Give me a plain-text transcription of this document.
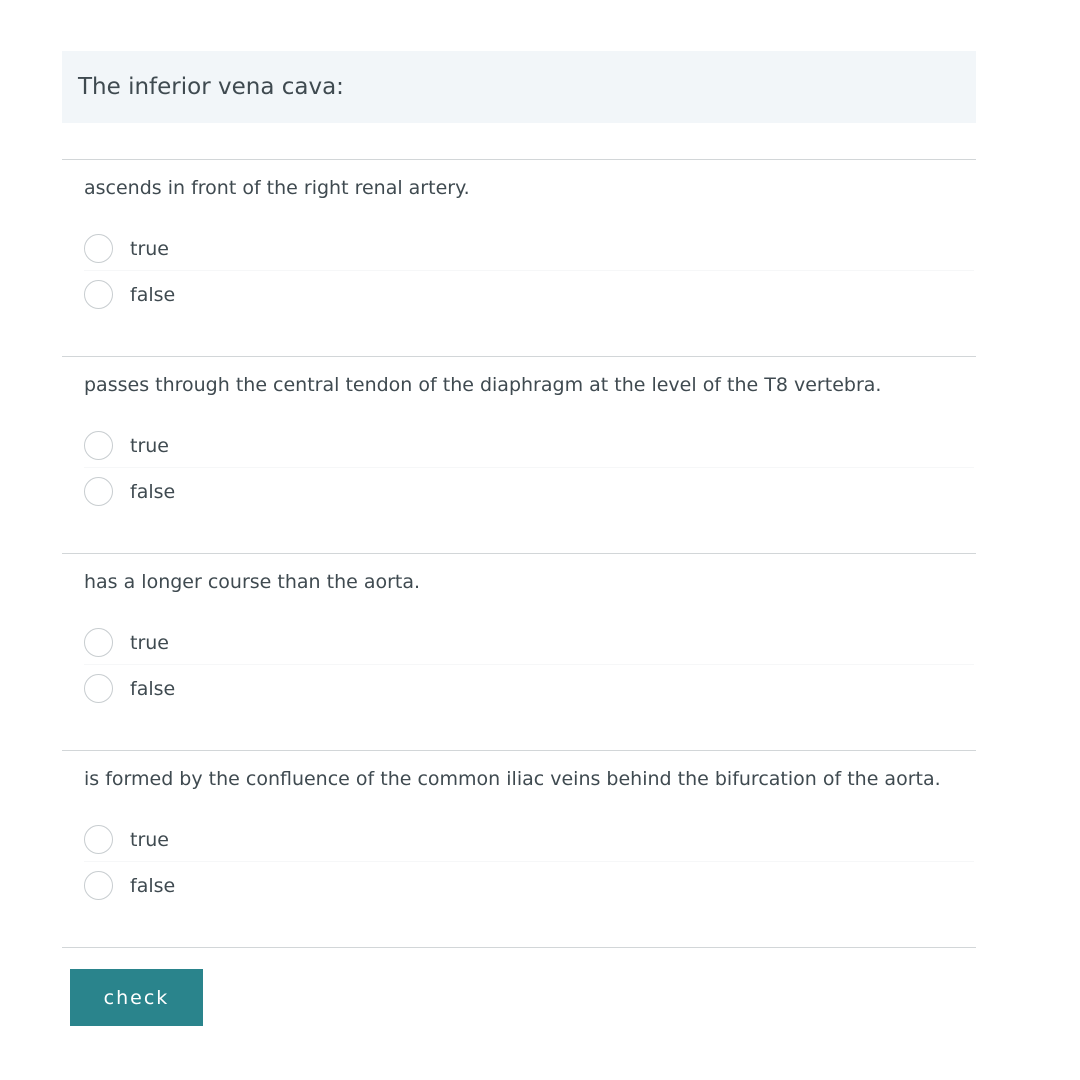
The inferior vena cava:
ascends in front of the right renal artery.
true
false
passes through the central tendon of the diaphragm at the level of the T8 vertebra.
true
false
has a longer course than the aorta.
true
false
is formed by the confluence of the common iliac veins behind the bifurcation of the aorta.
true
false
check
